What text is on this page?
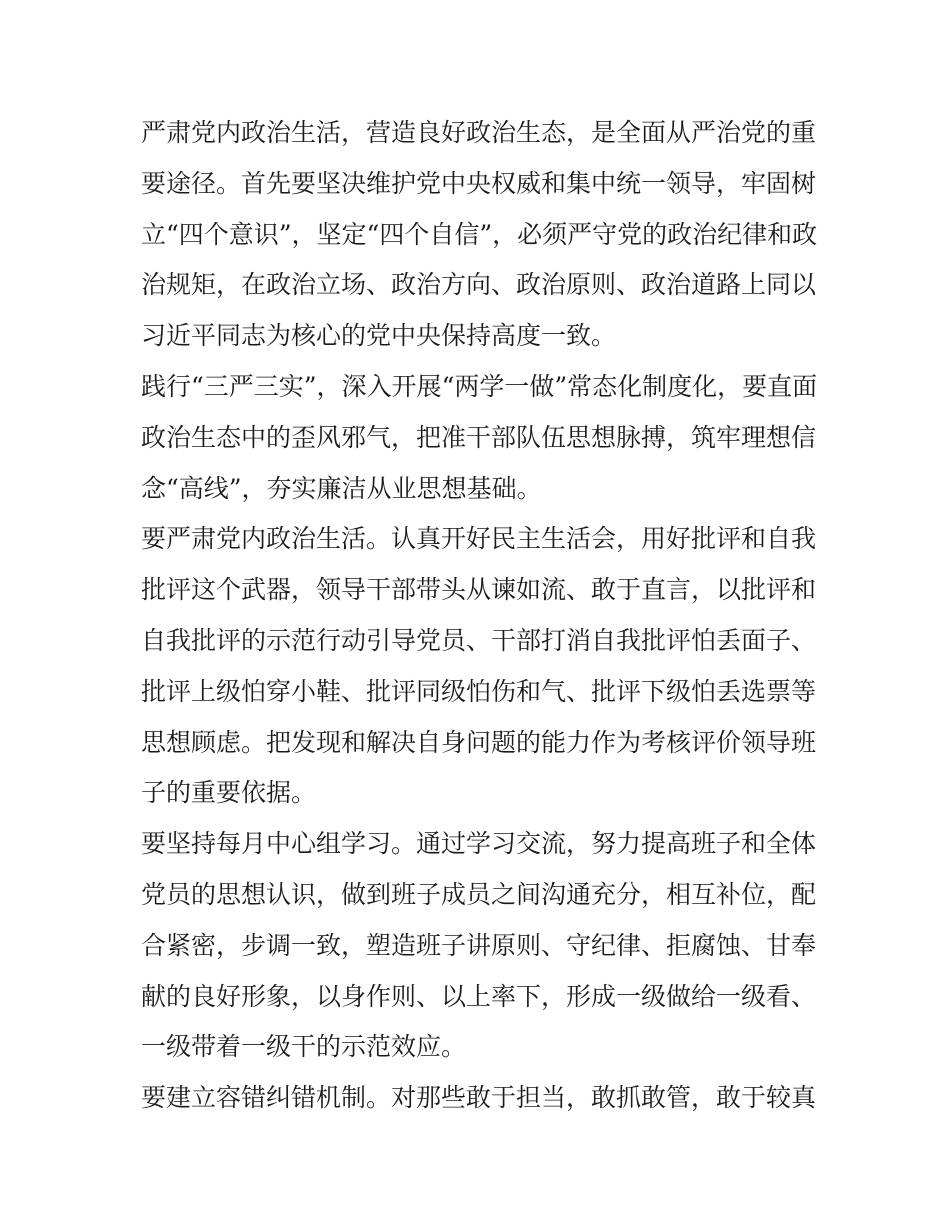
严肃党内政治生活，营造良好政治生态，是全面从严治党的重
要途径。首先要坚决维护党中央权威和集中统一领导，牢固树
立“四个意识”，坚定“四个自信”，必须严守党的政治纪律和政
治规矩，在政治立场、政治方向、政治原则、政治道路上同以
习近平同志为核心的党中央保持高度一致。
践行“三严三实”，深入开展“两学一做”常态化制度化，要直面
政治生态中的歪风邪气，把准干部队伍思想脉搏，筑牢理想信
念“高线”，夯实廉洁从业思想基础。
要严肃党内政治生活。认真开好民主生活会，用好批评和自我
批评这个武器，领导干部带头从谏如流、敢于直言，以批评和
自我批评的示范行动引导党员、干部打消自我批评怕丢面子、
批评上级怕穿小鞋、批评同级怕伤和气、批评下级怕丢选票等
思想顾虑。把发现和解决自身问题的能力作为考核评价领导班
子的重要依据。
要坚持每月中心组学习。通过学习交流，努力提高班子和全体
党员的思想认识，做到班子成员之间沟通充分，相互补位，配
合紧密，步调一致，塑造班子讲原则、守纪律、拒腐蚀、甘奉
献的良好形象，以身作则、以上率下，形成一级做给一级看、
一级带着一级干的示范效应。
要建立容错纠错机制。对那些敢于担当，敢抓敢管，敢于较真
